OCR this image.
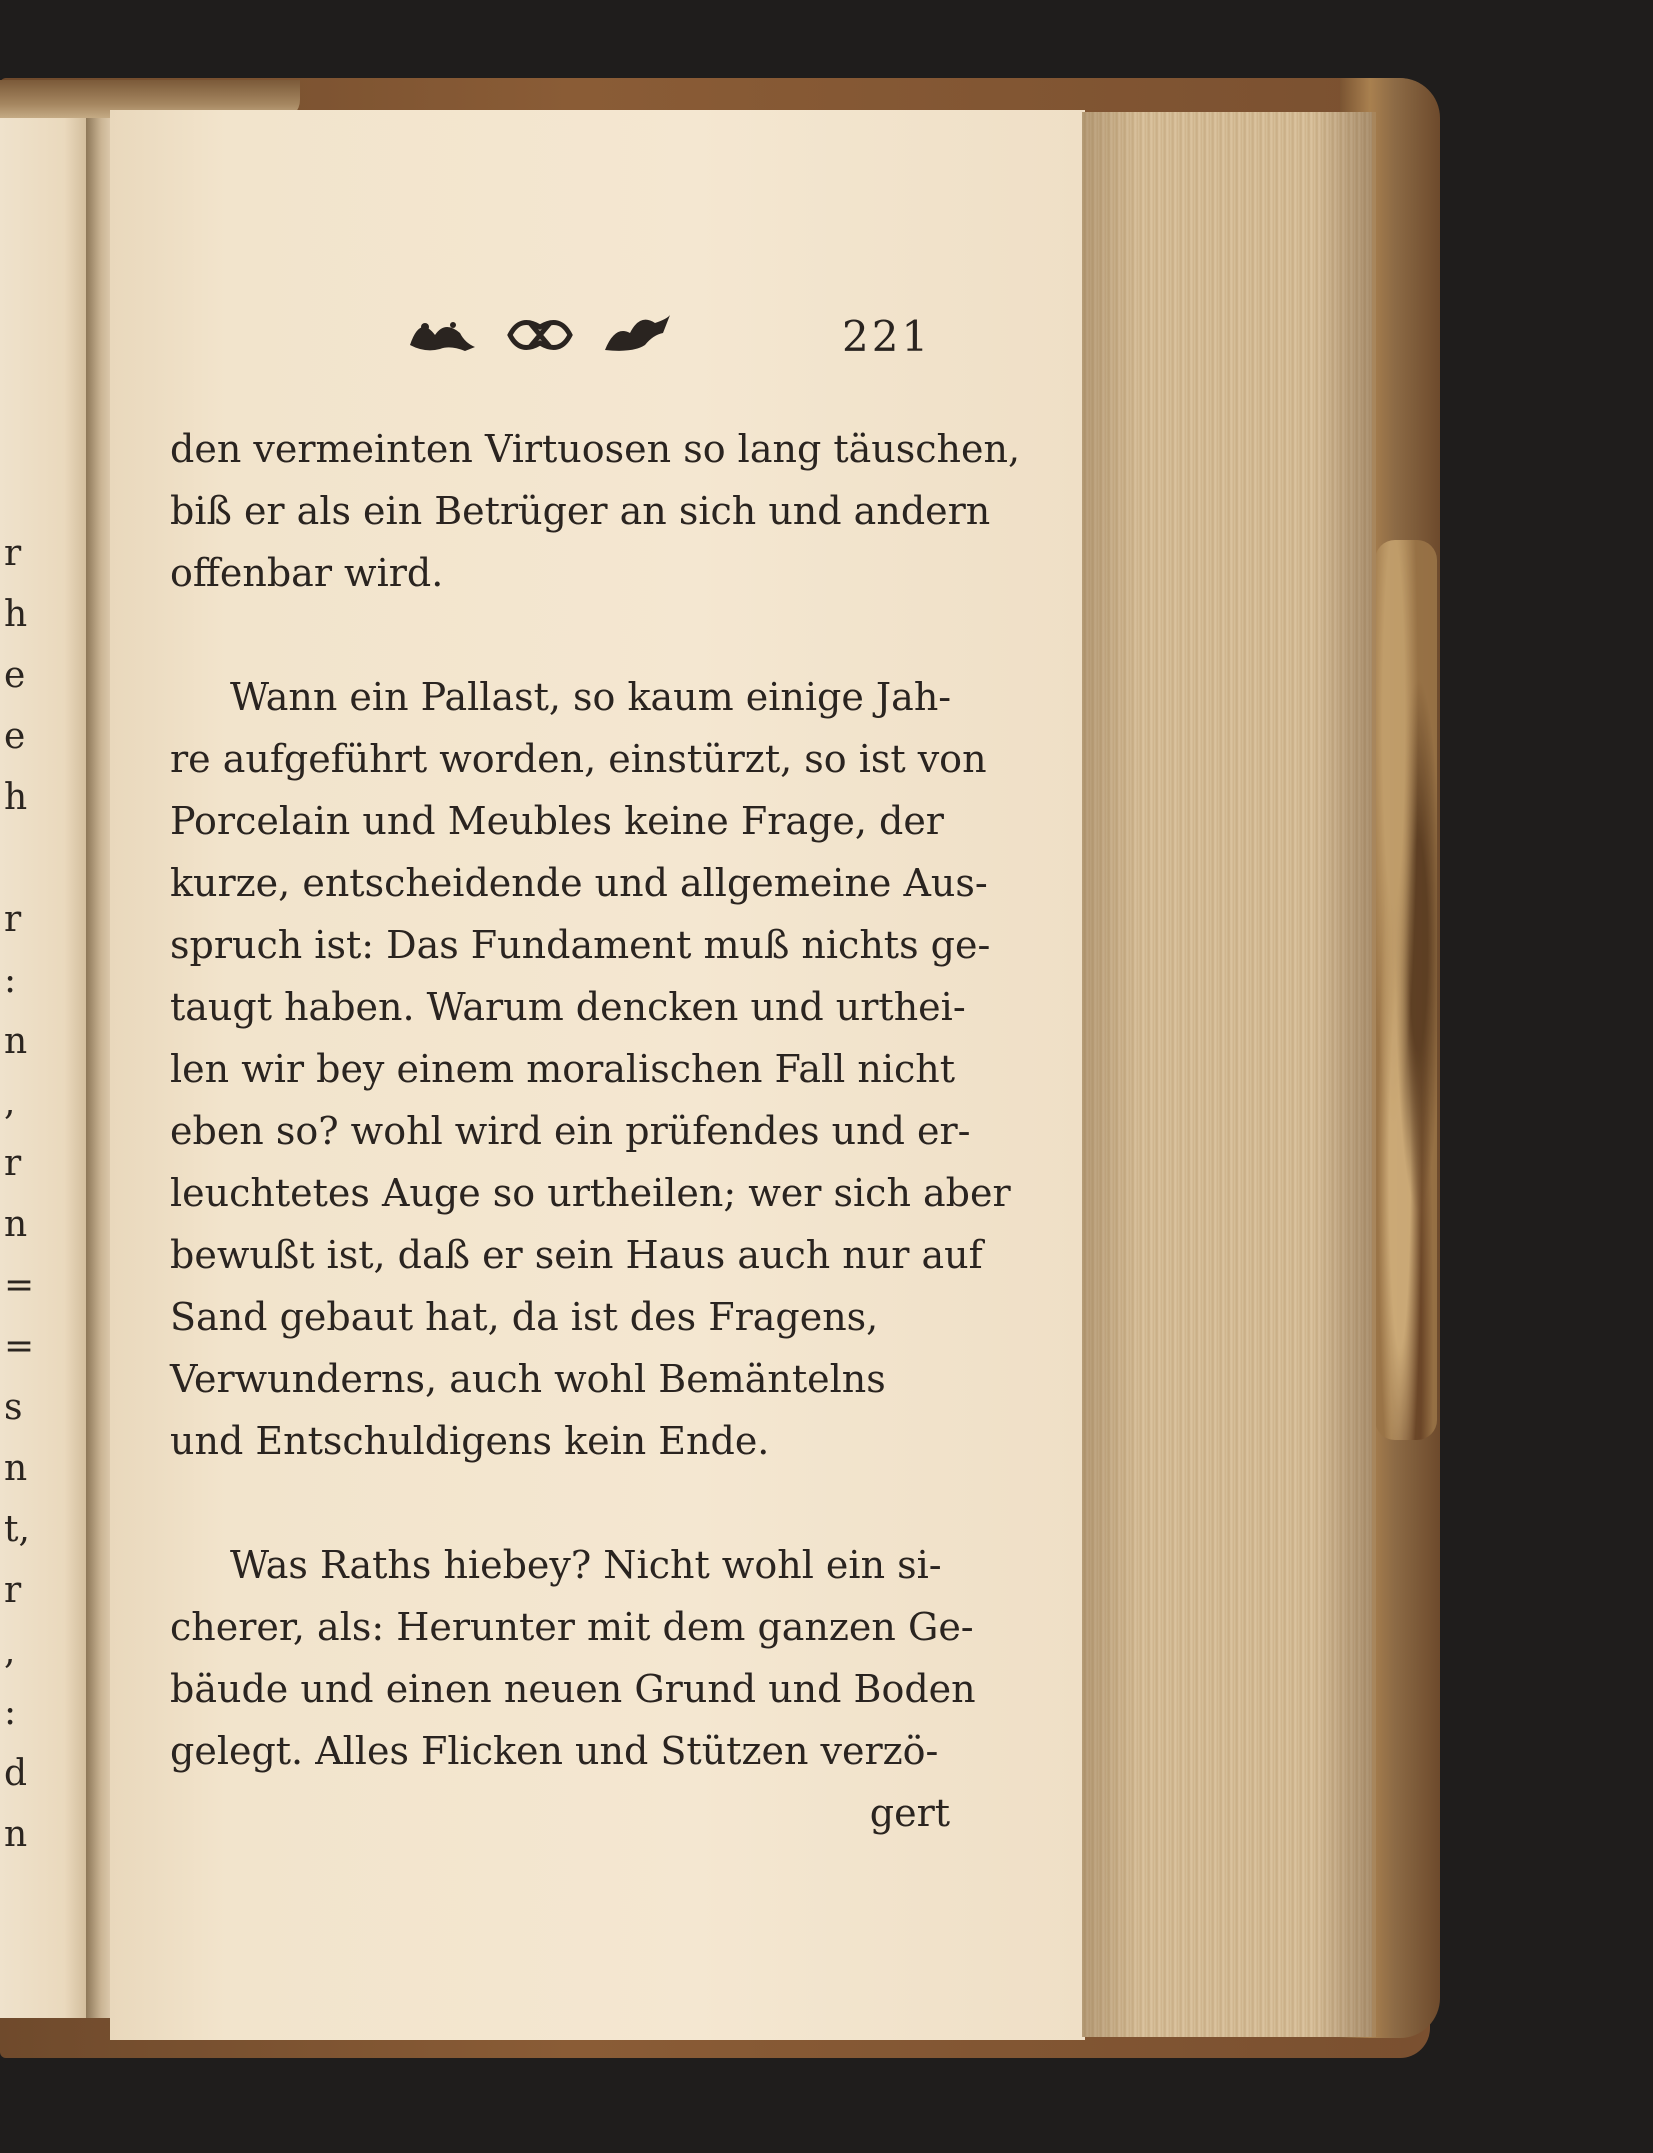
r
h
e
e
h
r
:
n
,
r
n
=
=
s
n
t,
r
,
:
d
n
221
den vermeinten Virtuosen so lang täuschen,
biß er als ein Betrüger an sich und andern
offenbar wird.
Wann ein Pallast, so kaum einige Jah-
re aufgeführt worden, einstürzt, so ist von
Porcelain und Meubles keine Frage, der
kurze, entscheidende und allgemeine Aus-
spruch ist: Das Fundament muß nichts ge-
taugt haben. Warum dencken und urthei-
len wir bey einem moralischen Fall nicht
eben so? wohl wird ein prüfendes und er-
leuchtetes Auge so urtheilen; wer sich aber
bewußt ist, daß er sein Haus auch nur auf
Sand gebaut hat, da ist des Fragens,
Verwunderns, auch wohl Bemäntelns
und Entschuldigens kein Ende.
Was Raths hiebey? Nicht wohl ein si-
cherer, als: Herunter mit dem ganzen Ge-
bäude und einen neuen Grund und Boden
gelegt. Alles Flicken und Stützen verzö-
gert
